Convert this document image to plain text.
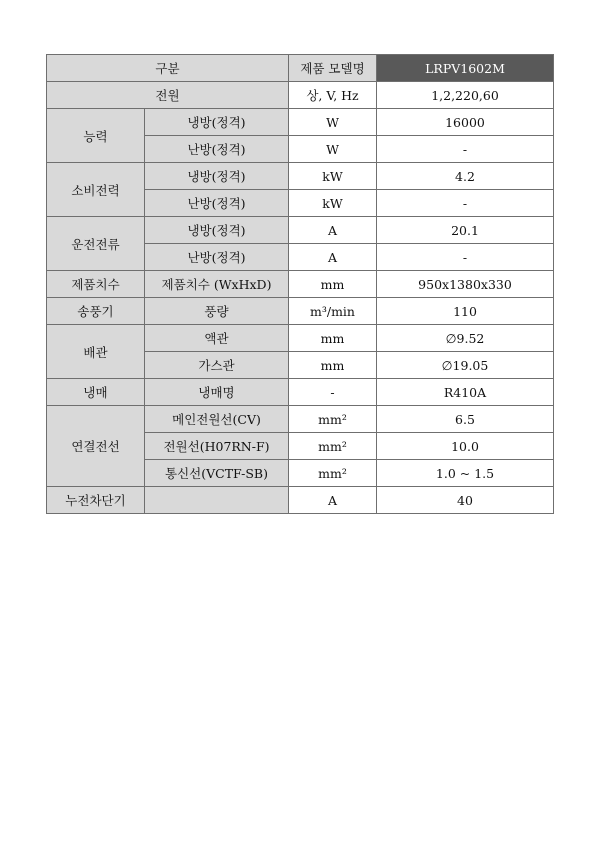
구분		제품 모델명	LRPV1602M
전원		상, V, Hz	1,2,220,60
능력	냉방(정격)	W	16000
	난방(정격)	W	-
소비전력	냉방(정격)	kW	4.2
	난방(정격)	kW	-
운전전류	냉방(정격)	A	20.1
	난방(정격)	A	-
제품치수	제품치수 (WxHxD)	mm	950x1380x330
송풍기	풍량	m³/min	110
배관	액관	mm	∅9.52
	가스관	mm	∅19.05
냉매	냉매명	-	R410A
연결전선	메인전원선(CV)	mm²	6.5
	전원선(H07RN-F)	mm²	10.0
	통신선(VCTF-SB)	mm²	1.0 ~ 1.5
누전차단기		A	40
